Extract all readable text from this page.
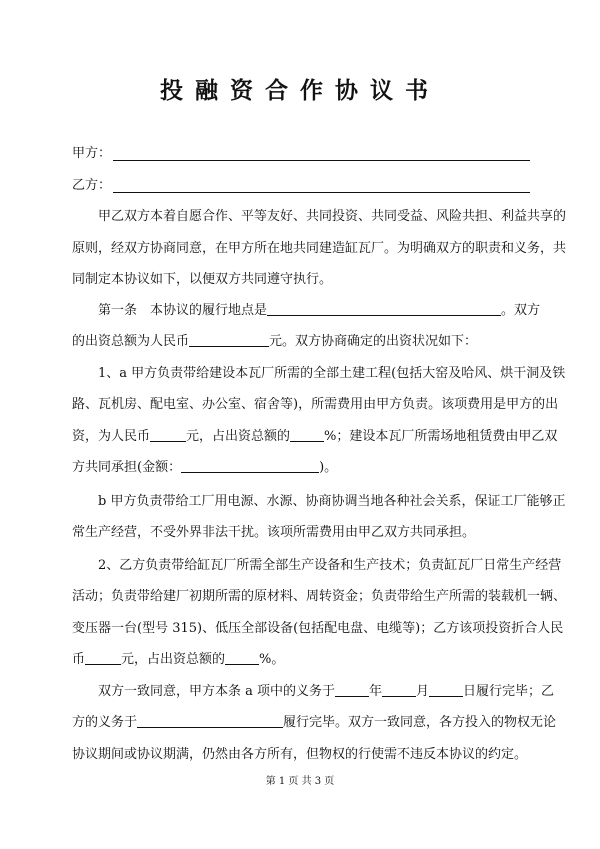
投融资合作协议书
甲方：
乙方：
甲乙双方本着自愿合作、平等友好、共同投资、共同受益、风险共担、利益共享的
原则，经双方协商同意，在甲方所在地共同建造缸瓦厂。为明确双方的职责和义务，共
同制定本协议如下，以便双方共同遵守执行。
第一条　本协议的履行地点是	。双方
的出资总额为人民币	元。双方协商确定的出资状况如下：
1、a 甲方负责带给建设本瓦厂所需的全部土建工程(包括大窑及哈风、烘干洞及铁
路、瓦机房、配电室、办公室、宿舍等)，所需费用由甲方负责。该项费用是甲方的出
资，为人民币	元，占出资总额的	%；建设本瓦厂所需场地租赁费由甲乙双
方共同承担(金额：	)。
b 甲方负责带给工厂用电源、水源、协商协调当地各种社会关系，保证工厂能够正
常生产经营，不受外界非法干扰。该项所需费用由甲乙双方共同承担。
2、乙方负责带给缸瓦厂所需全部生产设备和生产技术；负责缸瓦厂日常生产经营
活动；负责带给建厂初期所需的原材料、周转资金；负责带给生产所需的装载机一辆、
变压器一台(型号 315)、低压全部设备(包括配电盘、电缆等)；乙方该项投资折合人民
币	元，占出资总额的	%。
双方一致同意，甲方本条 a 项中的义务于	年	月	日履行完毕；乙
方的义务于	履行完毕。双方一致同意，各方投入的物权无论
协议期间或协议期满，仍然由各方所有，但物权的行使需不违反本协议的约定。
第 1 页 共 3 页
